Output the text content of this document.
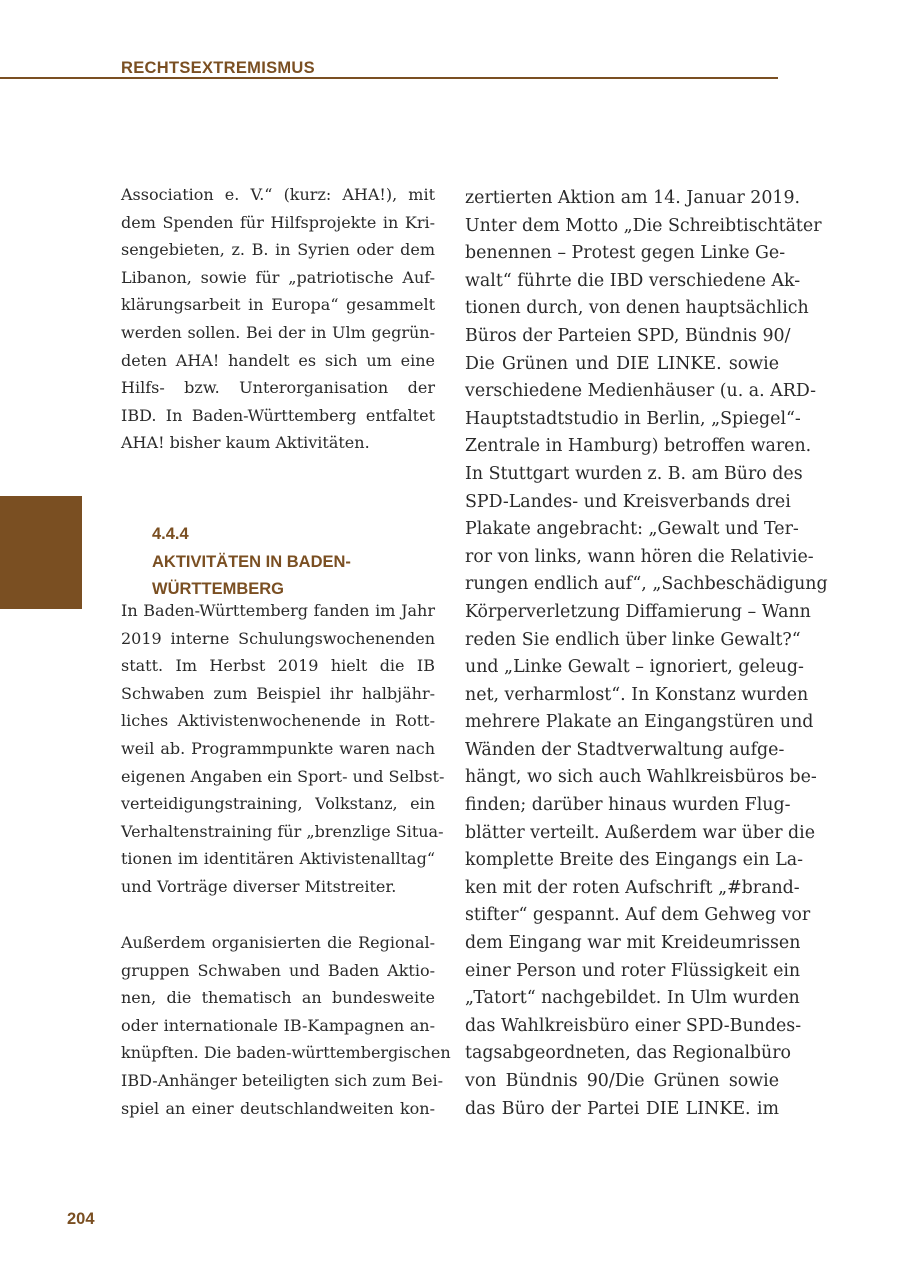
RECHTSEXTREMISMUS
Association e. V.“ (kurz: AHA!), mit
dem Spenden für Hilfsprojekte in Kri-
sengebieten, z. B. in Syrien oder dem
Libanon, sowie für „patriotische Auf-
klärungsarbeit in Europa“ gesammelt
werden sollen. Bei der in Ulm gegrün-
deten AHA! handelt es sich um eine
Hilfs- bzw. Unterorganisation der
IBD. In Baden-Württemberg entfaltet
AHA! bisher kaum Aktivitäten.
4.4.4
AKTIVITÄTEN IN BADEN-
WÜRTTEMBERG
In Baden-Württemberg fanden im Jahr
2019 interne Schulungswochenenden
statt. Im Herbst 2019 hielt die IB
Schwaben zum Beispiel ihr halbjähr-
liches Aktivistenwochenende in Rott-
weil ab. Programmpunkte waren nach
eigenen Angaben ein Sport- und Selbst-
verteidigungstraining, Volkstanz, ein
Verhaltenstraining für „brenzlige Situa-
tionen im identitären Aktivistenalltag“
und Vorträge diverser Mitstreiter.
Außerdem organisierten die Regional-
gruppen Schwaben und Baden Aktio-
nen, die thematisch an bundesweite
oder internationale IB-Kampagnen an-
knüpften. Die baden-württembergischen
IBD-Anhänger beteiligten sich zum Bei-
spiel an einer deutschlandweiten kon-
zertierten Aktion am 14. Januar 2019.
Unter dem Motto „Die Schreibtischtäter
benennen – Protest gegen Linke Ge-
walt“ führte die IBD verschiedene Ak-
tionen durch, von denen hauptsächlich
Büros der Parteien SPD, Bündnis 90/
Die Grünen und DIE LINKE. sowie
verschiedene Medienhäuser (u. a. ARD-
Hauptstadtstudio in Berlin, „Spiegel“-
Zentrale in Hamburg) betroffen waren.
In Stuttgart wurden z. B. am Büro des
SPD-Landes- und Kreisverbands drei
Plakate angebracht: „Gewalt und Ter-
ror von links, wann hören die Relativie-
rungen endlich auf“, „Sachbeschädigung
Körperverletzung Diffamierung – Wann
reden Sie endlich über linke Gewalt?“
und „Linke Gewalt – ignoriert, geleug-
net, verharmlost“. In Konstanz wurden
mehrere Plakate an Eingangstüren und
Wänden der Stadtverwaltung aufge-
hängt, wo sich auch Wahlkreisbüros be-
finden; darüber hinaus wurden Flug-
blätter verteilt. Außerdem war über die
komplette Breite des Eingangs ein La-
ken mit der roten Aufschrift „#brand-
stifter“ gespannt. Auf dem Gehweg vor
dem Eingang war mit Kreideumrissen
einer Person und roter Flüssigkeit ein
„Tatort“ nachgebildet. In Ulm wurden
das Wahlkreisbüro einer SPD-Bundes-
tagsabgeordneten, das Regionalbüro
von Bündnis 90/Die Grünen sowie
das Büro der Partei DIE LINKE. im
204
